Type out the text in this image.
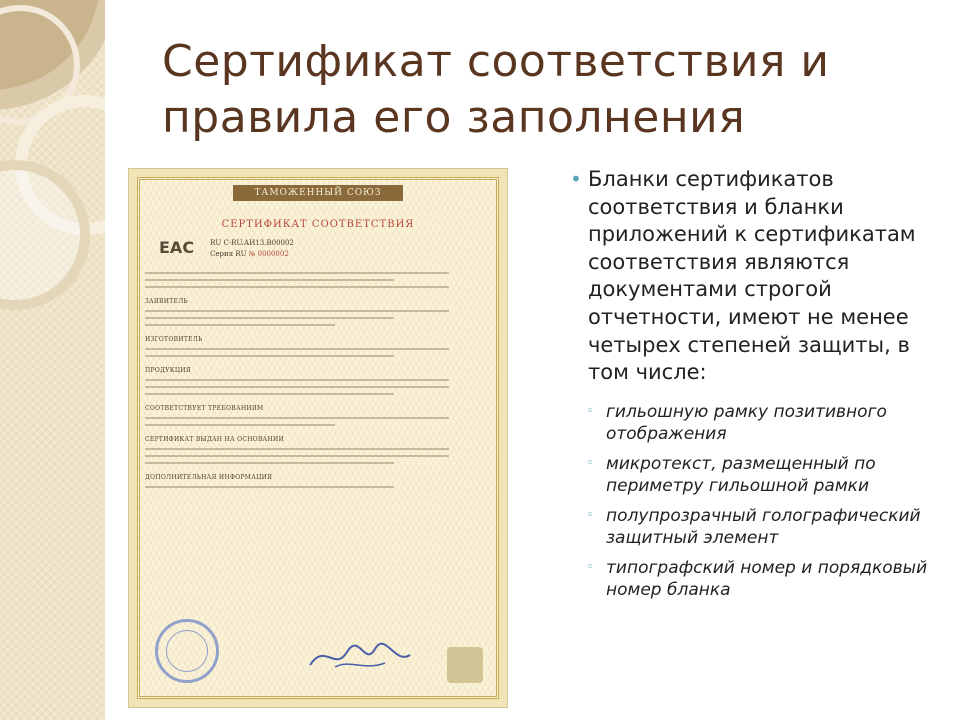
Сертификат соответствия и правила его заполнения
ТАМОЖЕННЫЙ СОЮЗ
СЕРТИФИКАТ СООТВЕТСТВИЯ
ЕАС RU C-RU.АИ13.В00002
Серия RU № 0000002
ЗАЯВИТЕЛЬ
ИЗГОТОВИТЕЛЬ
ПРОДУКЦИЯ
СООТВЕТСТВУЕТ ТРЕБОВАНИЯМ
СЕРТИФИКАТ ВЫДАН НА ОСНОВАНИИ
ДОПОЛНИТЕЛЬНАЯ ИНФОРМАЦИЯ

• Бланки сертификатов соответствия и бланки приложений к сертификатам соответствия являются документами строгой отчетности, имеют не менее четырех степеней защиты, в том числе:

◦ гильошную рамку позитивного отображения
◦ микротекст, размещенный по периметру гильошной рамки
◦ полупрозрачный голографический защитный элемент
◦ типографский номер и порядковый номер бланка
